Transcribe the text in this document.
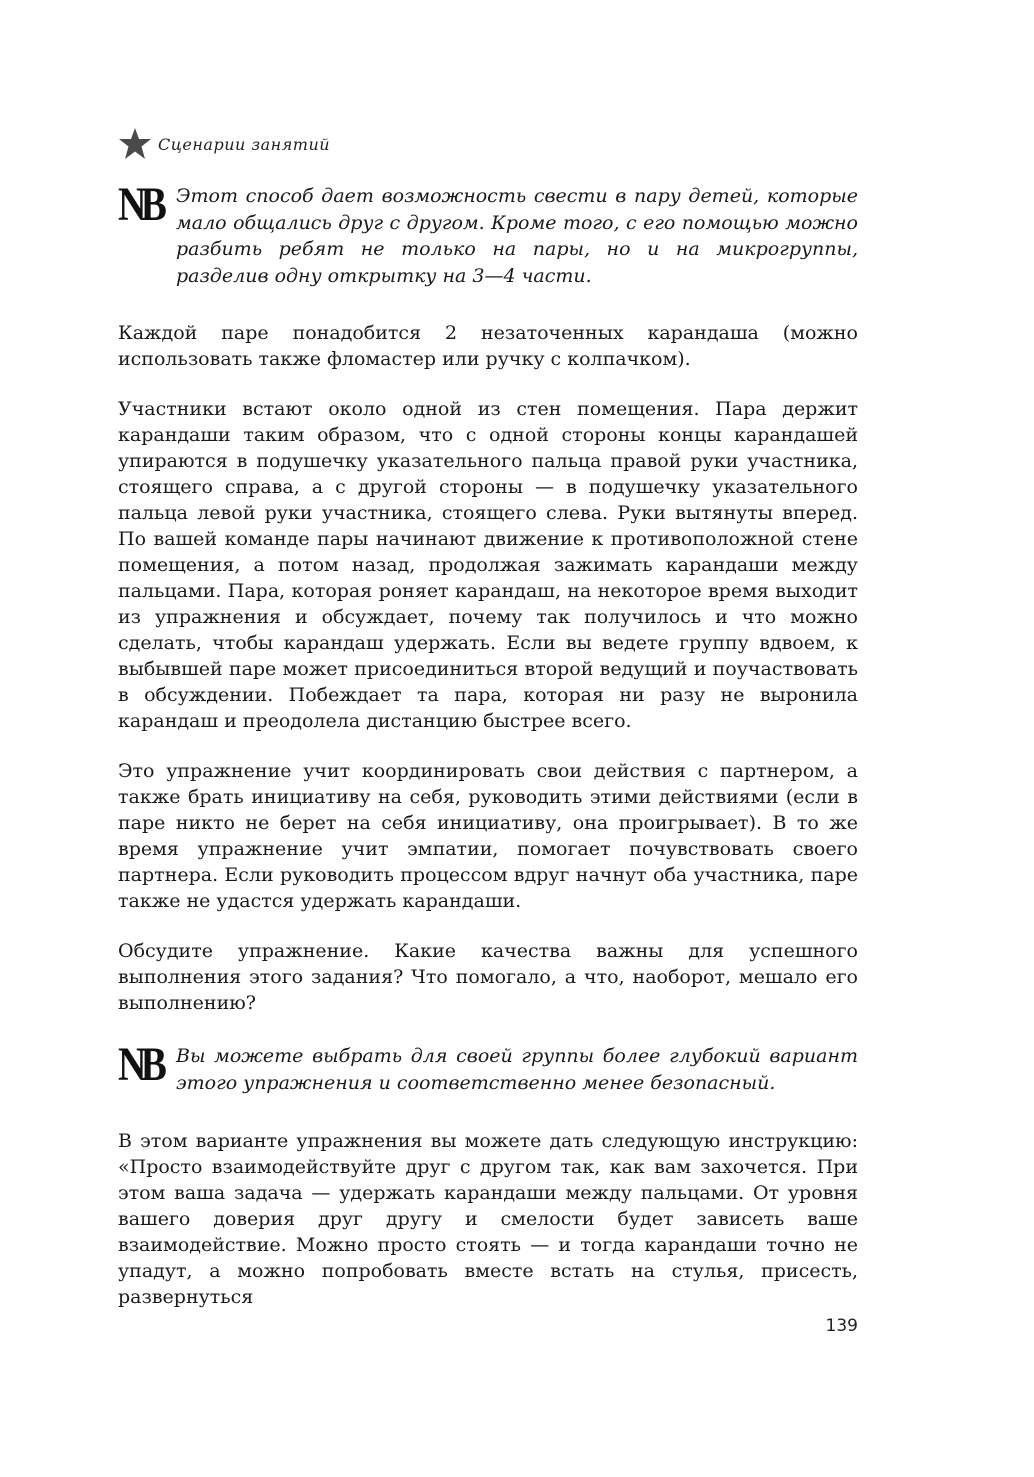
Сценарии занятий
NB Этот способ дает возможность свести в пару детей, которые мало общались друг с другом. Кроме того, с его помощью можно разбить ребят не только на пары, но и на микрогруппы, разделив одну открытку на 3—4 части.

Каждой паре понадобится 2 незаточенных карандаша (можно использовать также фломастер или ручку с колпачком).

Участники встают около одной из стен помещения. Пара держит карандаши таким образом, что с одной стороны концы карандашей упираются в подушечку указательного пальца правой руки участника, стоящего справа, а с другой стороны — в подушечку указательного пальца левой руки участника, стоящего слева. Руки вытянуты вперед. По вашей команде пары начинают движение к противоположной стене помещения, а потом назад, продолжая зажимать карандаши между пальцами. Пара, которая роняет карандаш, на некоторое время выходит из упражнения и обсуждает, почему так получилось и что можно сделать, чтобы карандаш удержать. Если вы ведете группу вдвоем, к выбывшей паре может присоединиться второй ведущий и поучаствовать в обсуждении. Побеждает та пара, которая ни разу не выронила карандаш и преодолела дистанцию быстрее всего.

Это упражнение учит координировать свои действия с партнером, а также брать инициативу на себя, руководить этими действиями (если в паре никто не берет на себя инициативу, она проигрывает). В то же время упражнение учит эмпатии, помогает почувствовать своего партнера. Если руководить процессом вдруг начнут оба участника, паре также не удастся удержать карандаши.

Обсудите упражнение. Какие качества важны для успешного выполнения этого задания? Что помогало, а что, наоборот, мешало его выполнению?

NB Вы можете выбрать для своей группы более глубокий вариант этого упражнения и соответственно менее безопасный.

В этом варианте упражнения вы можете дать следующую инструкцию: «Просто взаимодействуйте друг с другом так, как вам захочется. При этом ваша задача — удержать карандаши между пальцами. От уровня вашего доверия друг другу и смелости будет зависеть ваше взаимодействие. Можно просто стоять — и тогда карандаши точно не упадут, а можно попробовать вместе встать на стулья, присесть, развернуться

139
